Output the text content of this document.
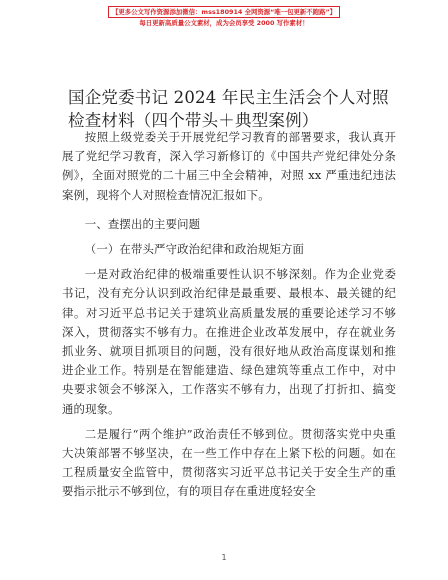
【更多公文写作资源添加微信：mss180914 全网资源“唯一包更新不跑路”】
每日更新高质量公文素材，成为会员享受 2000 写作素材！
国企党委书记 2024 年民主生活会个人对照检查材料（四个带头＋典型案例）

按照上级党委关于开展党纪学习教育的部署要求，我认真开展了党纪学习教育，深入学习新修订的《中国共产党纪律处分条例》，全面对照党的二十届三中全会精神，对照 xx 严重违纪违法案例，现将个人对照检查情况汇报如下。

一、查摆出的主要问题

（一）在带头严守政治纪律和政治规矩方面

一是对政治纪律的极端重要性认识不够深刻。作为企业党委书记，没有充分认识到政治纪律是最重要、最根本、最关键的纪律。对习近平总书记关于建筑业高质量发展的重要论述学习不够深入，贯彻落实不够有力。在推进企业改革发展中，存在就业务抓业务、就项目抓项目的问题，没有很好地从政治高度谋划和推进企业工作。特别是在智能建造、绿色建筑等重点工作中，对中央要求领会不够深入，工作落实不够有力，出现了打折扣、搞变通的现象。

二是履行“两个维护”政治责任不够到位。贯彻落实党中央重大决策部署不够坚决，在一些工作中存在上紧下松的问题。如在工程质量安全监管中，贯彻落实习近平总书记关于安全生产的重要指示批示不够到位，有的项目存在重进度轻安全

1
